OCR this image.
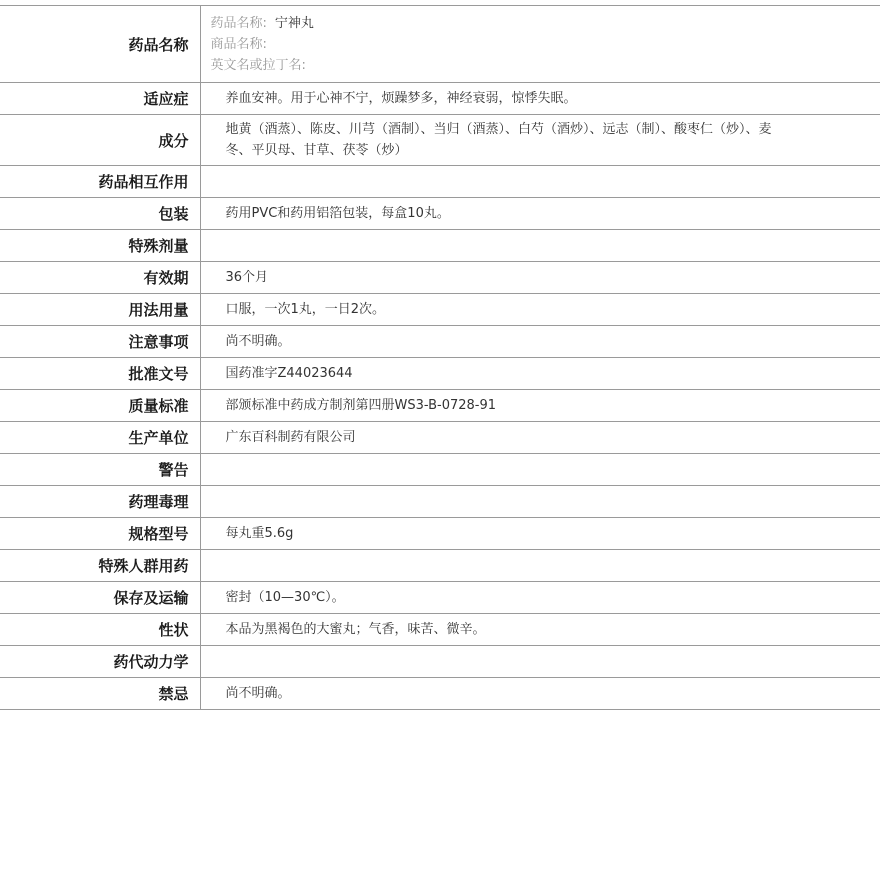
药品名称	药品名称: 宁神丸
商品名称:
英文名或拉丁名:

适应症	养血安神。用于心神不宁，烦躁梦多，神经衰弱，惊悸失眠。
成分	地黄（酒蒸）、陈皮、川芎（酒制）、当归（酒蒸）、白芍（酒炒）、远志（制）、酸枣仁（炒）、麦冬、平贝母、甘草、茯苓（炒）
药品相互作用	
包装	药用PVC和药用铝箔包装，每盒10丸。
特殊剂量	
有效期	36个月
用法用量	口服，一次1丸，一日2次。
注意事项	尚不明确。
批准文号	国药准字Z44023644
质量标准	部颁标准中药成方制剂第四册WS3-B-0728-91
生产单位	广东百科制药有限公司
警告	
药理毒理	
规格型号	每丸重5.6g
特殊人群用药	
保存及运输	密封（10—30℃）。
性状	本品为黑褐色的大蜜丸；气香，味苦、微辛。
药代动力学	
禁忌	尚不明确。
